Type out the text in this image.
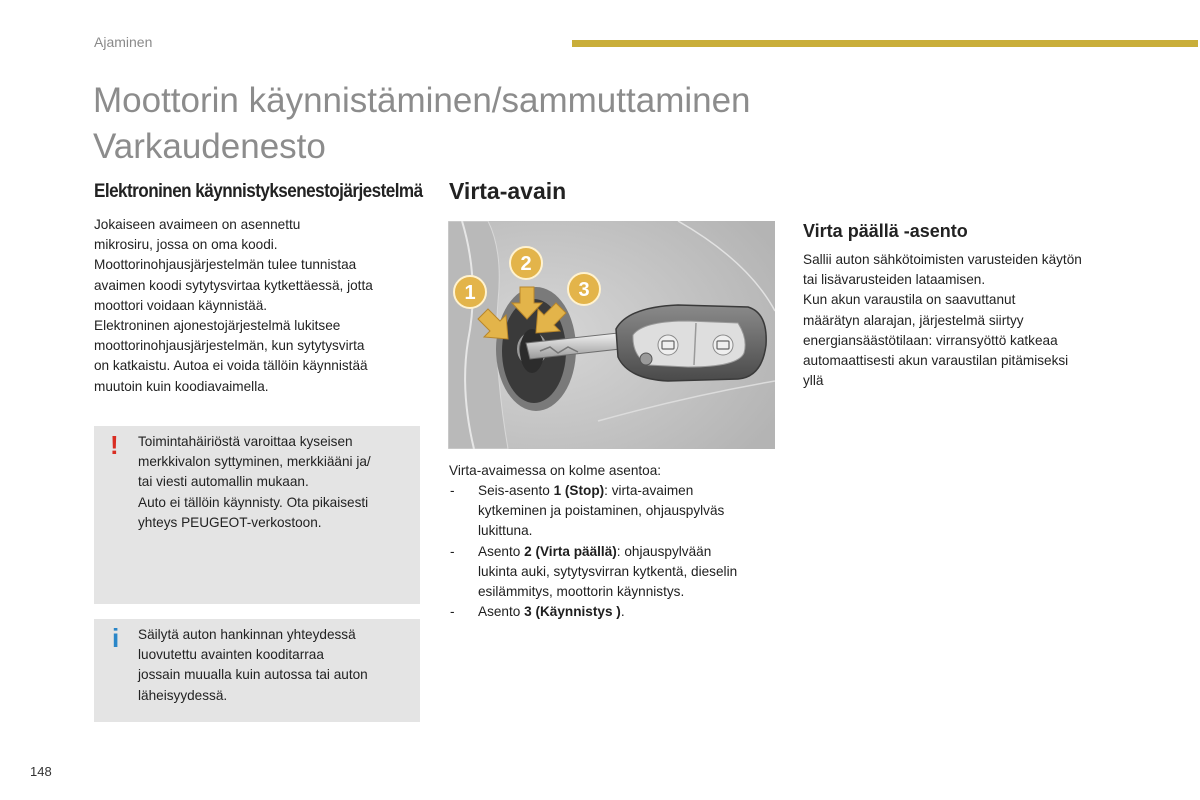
Ajaminen
Moottorin käynnistäminen/sammuttaminen
Varkaudenesto
Elektroninen käynnistyksenestojärjestelmä
Jokaiseen avaimeen on asennettu
mikrosiru, jossa on oma koodi.
Moottorinohjausjärjestelmän tulee tunnistaa
avaimen koodi sytytysvirtaa kytkettäessä, jotta
moottori voidaan käynnistää.
Elektroninen ajonestojärjestelmä lukitsee
moottorinohjausjärjestelmän, kun sytytysvirta
on katkaistu. Autoa ei voida tällöin käynnistää
muutoin kuin koodiavaimella.
! Toimintahäiriöstä varoittaa kyseisen
merkkivalon syttyminen, merkkiääni ja/
tai viesti automallin mukaan.
Auto ei tällöin käynnisty. Ota pikaisesti
yhteys PEUGEOT-verkostoon.
i Säilytä auton hankinnan yhteydessä
luovutettu avainten kooditarraa
jossain muualla kuin autossa tai auton
läheisyydessä.
Virta-avain
1
2
3
Virta-avaimessa on kolme asentoa:
- Seis-asento 1 (Stop): virta-avaimen
kytkeminen ja poistaminen, ohjauspylväs
lukittuna.
- Asento 2 (Virta päällä): ohjauspylvään
lukinta auki, sytytysvirran kytkentä, dieselin
esilämmitys, moottorin käynnistys.
- Asento 3 (Käynnistys ).
Virta päällä -asento
Sallii auton sähkötoimisten varusteiden käytön
tai lisävarusteiden lataamisen.
Kun akun varaustila on saavuttanut
määrätyn alarajan, järjestelmä siirtyy
energiansäästötilaan: virransyöttö katkeaa
automaattisesti akun varaustilan pitämiseksi
yllä
148
